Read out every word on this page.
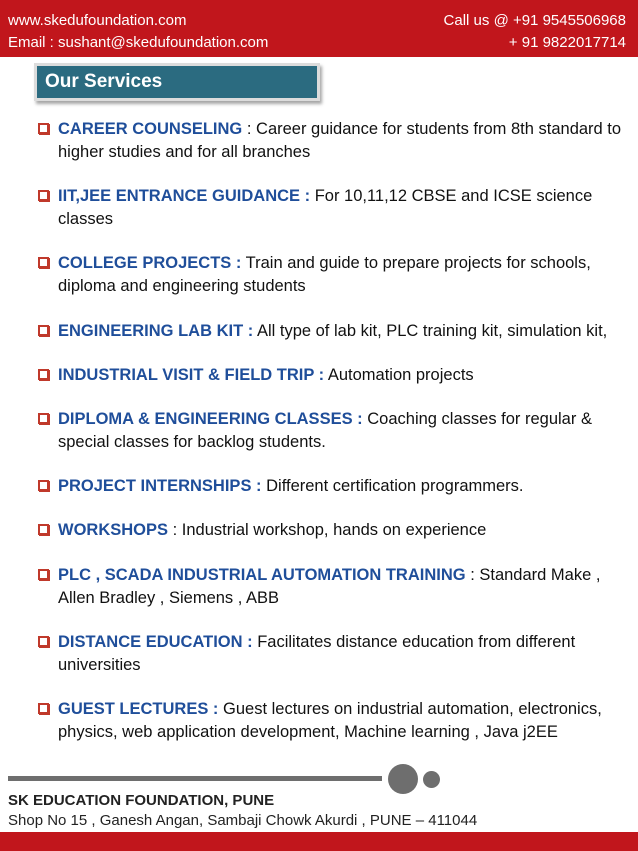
www.skedufoundation.com
Email : sushant@skedufoundation.com
Call us @ +91 9545506968
+ 91 9822017714
Our Services
CAREER COUNSELING : Career guidance for students from 8th standard to higher studies and for all branches
IIT,JEE ENTRANCE GUIDANCE : For 10,11,12 CBSE and ICSE science classes
COLLEGE PROJECTS : Train and guide to prepare projects for schools, diploma and engineering students
ENGINEERING LAB KIT : All type of lab kit, PLC training kit, simulation kit,
INDUSTRIAL VISIT & FIELD TRIP : Automation projects
DIPLOMA & ENGINEERING CLASSES : Coaching classes for regular & special classes for backlog students.
PROJECT INTERNSHIPS : Different certification programmers.
WORKSHOPS : Industrial workshop, hands on experience
PLC , SCADA INDUSTRIAL AUTOMATION TRAINING : Standard Make , Allen Bradley , Siemens , ABB
DISTANCE EDUCATION : Facilitates distance education from different universities
GUEST LECTURES : Guest lectures on industrial automation, electronics, physics, web application development, Machine learning , Java j2EE
SK EDUCATION FOUNDATION, PUNE
Shop No 15 , Ganesh Angan, Sambaji Chowk Akurdi , PUNE – 411044
